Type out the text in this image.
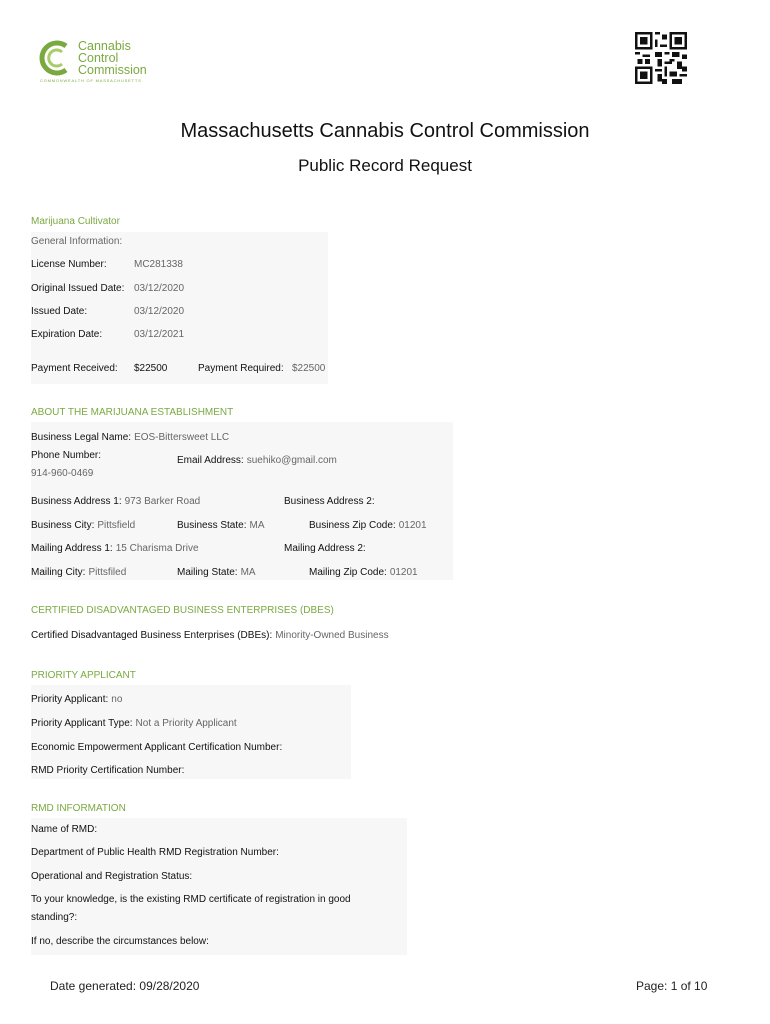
Cannabis
Control
Commission
COMMONWEALTH OF MASSACHUSETTS
Massachusetts Cannabis Control Commission
Public Record Request
Marijuana Cultivator
General Information:
License Number:	MC281338
Original Issued Date: 03/12/2020
Issued Date:	03/12/2020
Expiration Date:	03/12/2021
Payment Received: $22500	Payment Required: $22500
ABOUT THE MARIJUANA ESTABLISHMENT
Business Legal Name: EOS-Bittersweet LLC
Phone Number:	Email Address: suehiko@gmail.com
914-960-0469
Business Address 1: 973 Barker Road	Business Address 2:
Business City: Pittsfield	Business State: MA	Business Zip Code: 01201
Mailing Address 1: 15 Charisma Drive	Mailing Address 2:
Mailing City: Pittsfiled	Mailing State: MA	Mailing Zip Code: 01201
CERTIFIED DISADVANTAGED BUSINESS ENTERPRISES (DBES)
Certified Disadvantaged Business Enterprises (DBEs): Minority-Owned Business
PRIORITY APPLICANT
Priority Applicant: no
Priority Applicant Type: Not a Priority Applicant
Economic Empowerment Applicant Certification Number:
RMD Priority Certification Number:
RMD INFORMATION
Name of RMD:
Department of Public Health RMD Registration Number:
Operational and Registration Status:
To your knowledge, is the existing RMD certificate of registration in good
standing?:
If no, describe the circumstances below:
Date generated: 09/28/2020	Page: 1 of 10
